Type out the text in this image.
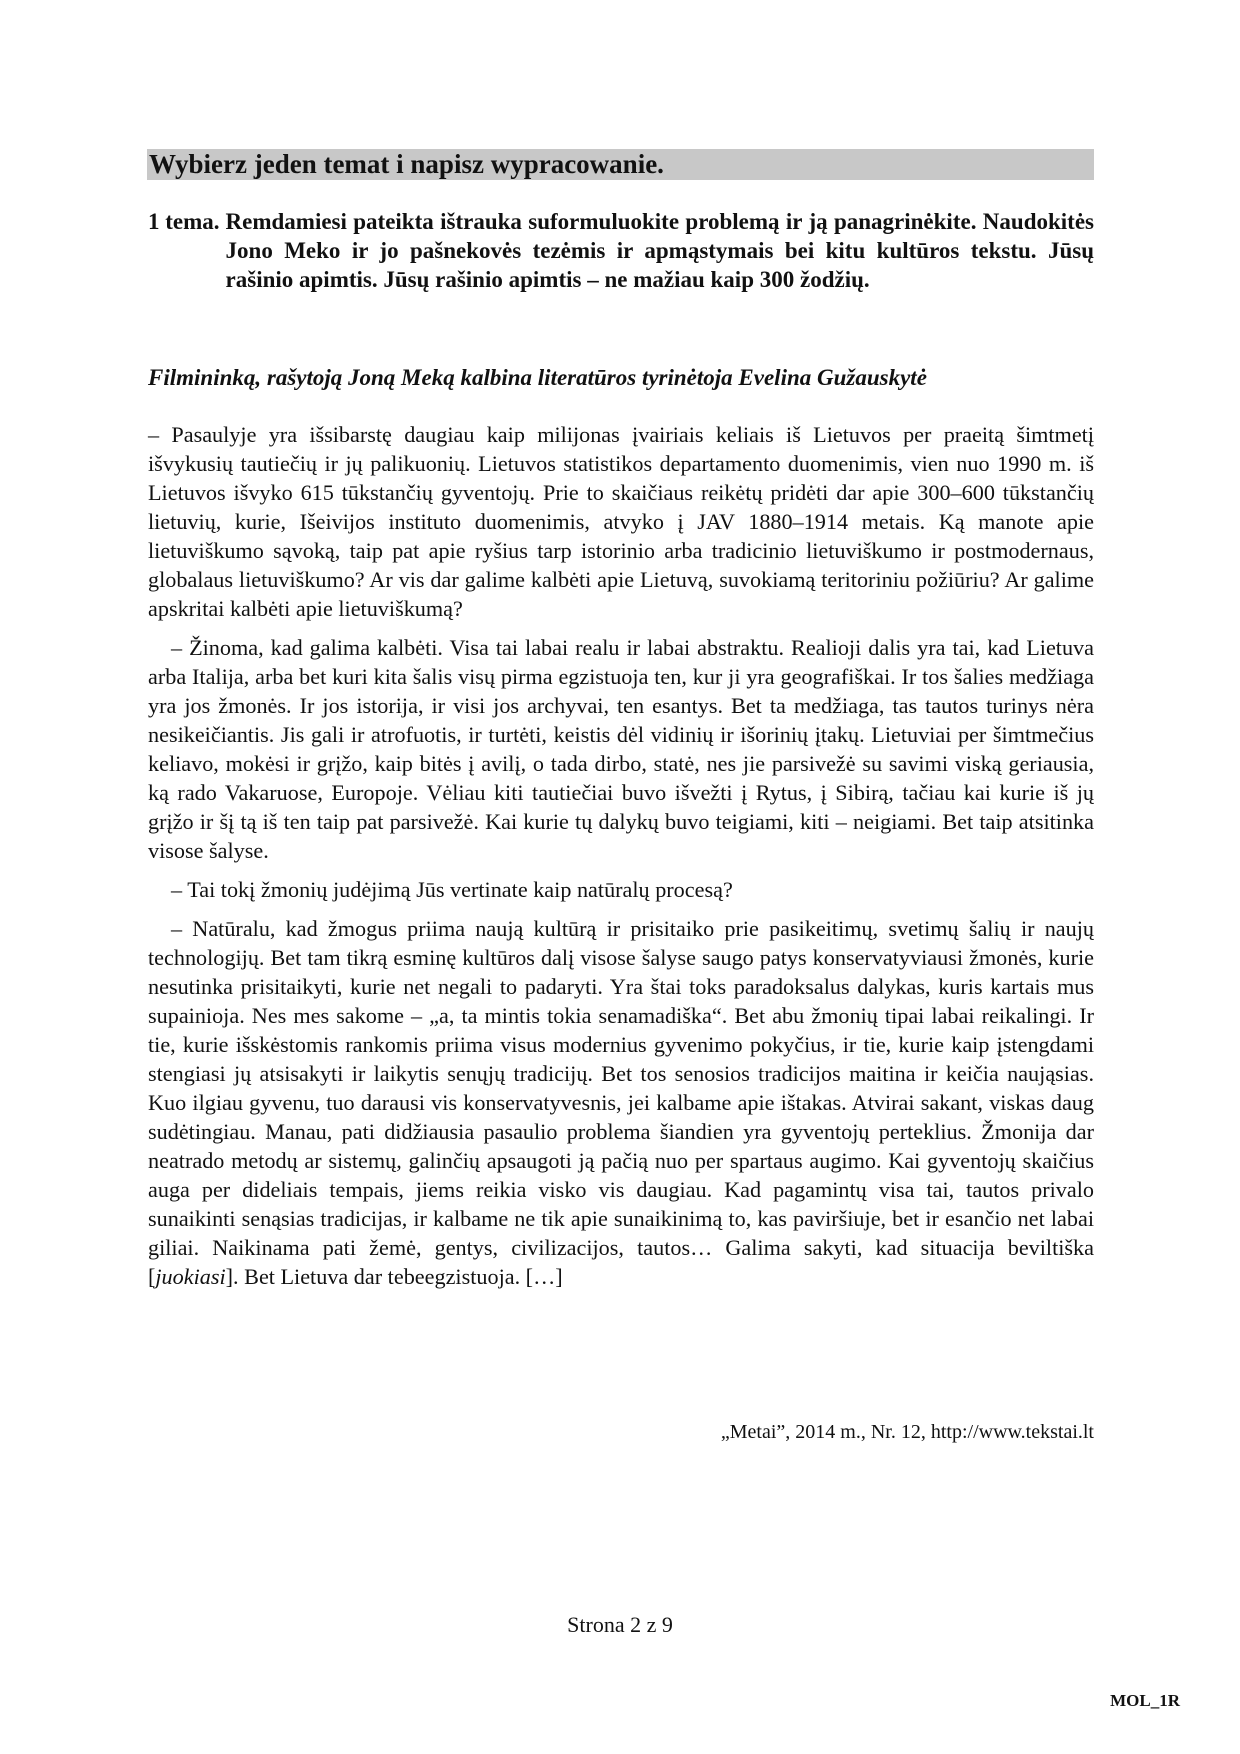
Wybierz jeden temat i napisz wypracowanie.
1 tema. Remdamiesi pateikta ištrauka suformuluokite problemą ir ją panagrinėkite. Naudokitės Jono Meko ir jo pašnekovės tezėmis ir apmąstymais bei kitu kultūros tekstu. Jūsų rašinio apimtis. Jūsų rašinio apimtis – ne mažiau kaip 300 žodžių.
Filmininką, rašytoją Joną Meką kalbina literatūros tyrinėtoja Evelina Gužauskytė

– Pasaulyje yra išsibarstę daugiau kaip milijonas įvairiais keliais iš Lietuvos per praeitą šimtmetį išvykusių tautiečių ir jų palikuonių. Lietuvos statistikos departamento duomenimis, vien nuo 1990 m. iš Lietuvos išvyko 615 tūkstančių gyventojų. Prie to skaičiaus reikėtų pridėti dar apie 300–600 tūkstančių lietuvių, kurie, Išeivijos instituto duomenimis, atvyko į JAV 1880–1914 metais. Ką manote apie lietuviškumo sąvoką, taip pat apie ryšius tarp istorinio arba tradicinio lietuviškumo ir postmodernaus, globalaus lietuviškumo? Ar vis dar galime kalbėti apie Lietuvą, suvokiamą teritoriniu požiūriu? Ar galime apskritai kalbėti apie lietuviškumą?

– Žinoma, kad galima kalbėti. Visa tai labai realu ir labai abstraktu. Realioji dalis yra tai, kad Lietuva arba Italija, arba bet kuri kita šalis visų pirma egzistuoja ten, kur ji yra geografiškai. Ir tos šalies medžiaga yra jos žmonės. Ir jos istorija, ir visi jos archyvai, ten esantys. Bet ta medžiaga, tas tautos turinys nėra nesikeičiantis. Jis gali ir atrofuotis, ir turtėti, keistis dėl vidinių ir išorinių įtakų. Lietuviai per šimtmečius keliavo, mokėsi ir grįžo, kaip bitės į avilį, o tada dirbo, statė, nes jie parsivežė su savimi viską geriausia, ką rado Vakaruose, Europoje. Vėliau kiti tautiečiai buvo išvežti į Rytus, į Sibirą, tačiau kai kurie iš jų grįžo ir šį tą iš ten taip pat parsivežė. Kai kurie tų dalykų buvo teigiami, kiti – neigiami. Bet taip atsitinka visose šalyse.

– Tai tokį žmonių judėjimą Jūs vertinate kaip natūralų procesą?

– Natūralu, kad žmogus priima naują kultūrą ir prisitaiko prie pasikeitimų, svetimų šalių ir naujų technologijų. Bet tam tikrą esminę kultūros dalį visose šalyse saugo patys konservatyviausi žmonės, kurie nesutinka prisitaikyti, kurie net negali to padaryti. Yra štai toks paradoksalus dalykas, kuris kartais mus supainioja. Nes mes sakome – „a, ta mintis tokia senamadiška“. Bet abu žmonių tipai labai reikalingi. Ir tie, kurie išskėstomis rankomis priima visus modernius gyvenimo pokyčius, ir tie, kurie kaip įstengdami stengiasi jų atsisakyti ir laikytis senųjų tradicijų. Bet tos senosios tradicijos maitina ir keičia naująsias. Kuo ilgiau gyvenu, tuo darausi vis konservatyvesnis, jei kalbame apie ištakas. Atvirai sakant, viskas daug sudėtingiau. Manau, pati didžiausia pasaulio problema šiandien yra gyventojų perteklius. Žmonija dar neatrado metodų ar sistemų, galinčių apsaugoti ją pačią nuo per spartaus augimo. Kai gyventojų skaičius auga per dideliais tempais, jiems reikia visko vis daugiau. Kad pagamintų visa tai, tautos privalo sunaikinti senąsias tradicijas, ir kalbame ne tik apie sunaikinimą to, kas paviršiuje, bet ir esančio net labai giliai. Naikinama pati žemė, gentys, civilizacijos, tautos… Galima sakyti, kad situacija beviltiška [juokiasi]. Bet Lietuva dar tebeegzistuoja. […]

„Metai”, 2014 m., Nr. 12, http://www.tekstai.lt
Strona 2 z 9
MOL_1R
